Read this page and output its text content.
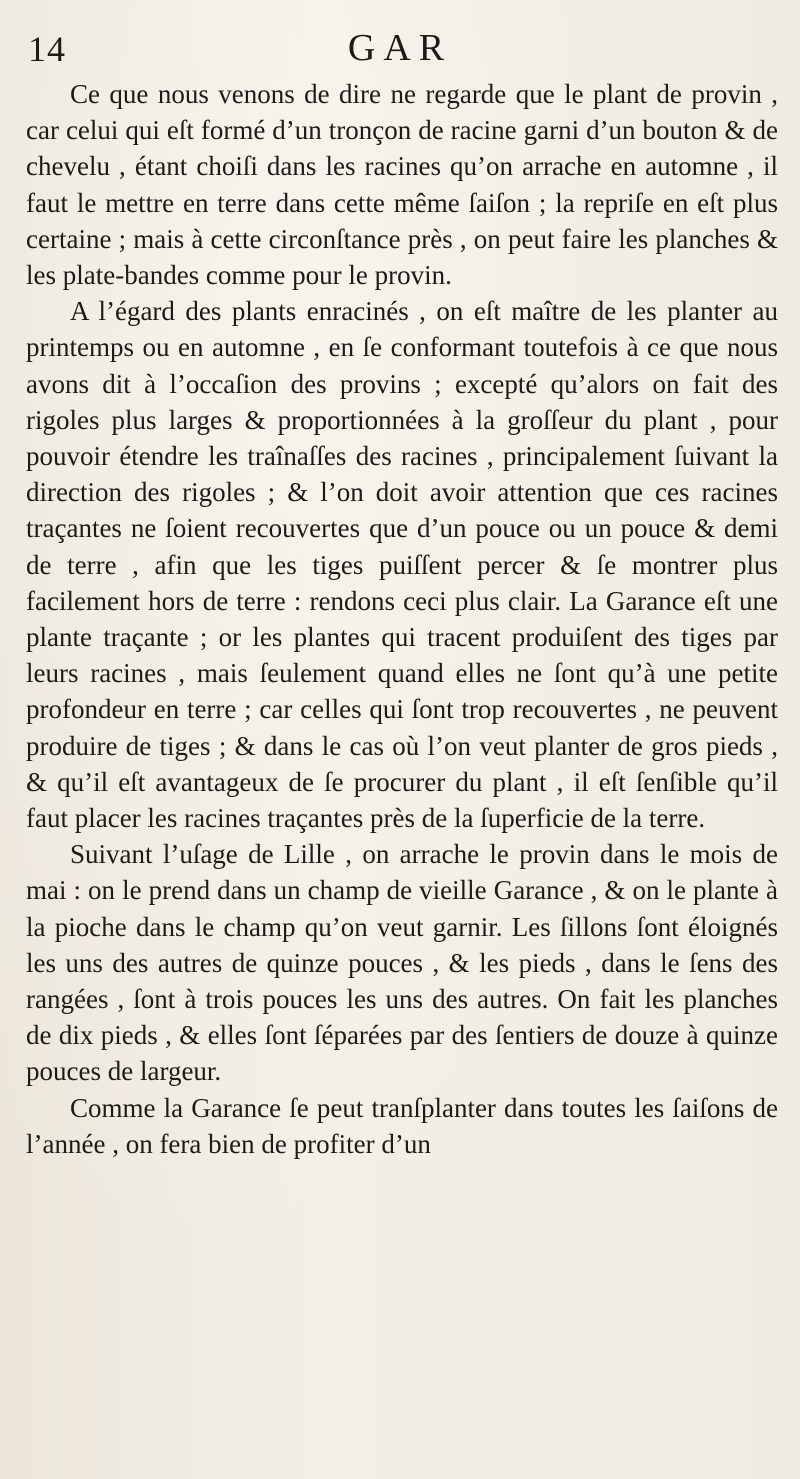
14	GAR

Ce que nous venons de dire ne regarde que le plant de provin , car celui qui eſt formé d’un tronçon de racine garni d’un bouton & de chevelu , étant choiſi dans les racines qu’on arrache en automne , il faut le mettre en terre dans cette même ſaiſon ; la repriſe en eſt plus certaine ; mais à cette circonſtance près , on peut faire les planches & les plate-bandes comme pour le provin.

A l’égard des plants enracinés , on eſt maître de les planter au printemps ou en automne , en ſe conformant toutefois à ce que nous avons dit à l’occaſion des provins ; excepté qu’alors on fait des rigoles plus larges & proportionnées à la groſſeur du plant , pour pouvoir étendre les traînaſſes des racines , principalement ſuivant la direction des rigoles ; & l’on doit avoir attention que ces racines traçantes ne ſoient recouvertes que d’un pouce ou un pouce & demi de terre , afin que les tiges puiſſent percer & ſe montrer plus facilement hors de terre : rendons ceci plus clair. La Garance eſt une plante traçante ; or les plantes qui tracent produiſent des tiges par leurs racines , mais ſeulement quand elles ne ſont qu’à une petite profondeur en terre ; car celles qui ſont trop recouvertes , ne peuvent produire de tiges ; & dans le cas où l’on veut planter de gros pieds , & qu’il eſt avantageux de ſe procurer du plant , il eſt ſenſible qu’il faut placer les racines traçantes près de la ſuperficie de la terre.

Suivant l’uſage de Lille , on arrache le provin dans le mois de mai : on le prend dans un champ de vieille Garance , & on le plante à la pioche dans le champ qu’on veut garnir. Les ſillons ſont éloignés les uns des autres de quinze pouces , & les pieds , dans le ſens des rangées , ſont à trois pouces les uns des autres. On fait les planches de dix pieds , & elles ſont ſéparées par des ſentiers de douze à quinze pouces de largeur.

Comme la Garance ſe peut tranſplanter dans toutes les ſaiſons de l’année , on fera bien de profiter d’un
